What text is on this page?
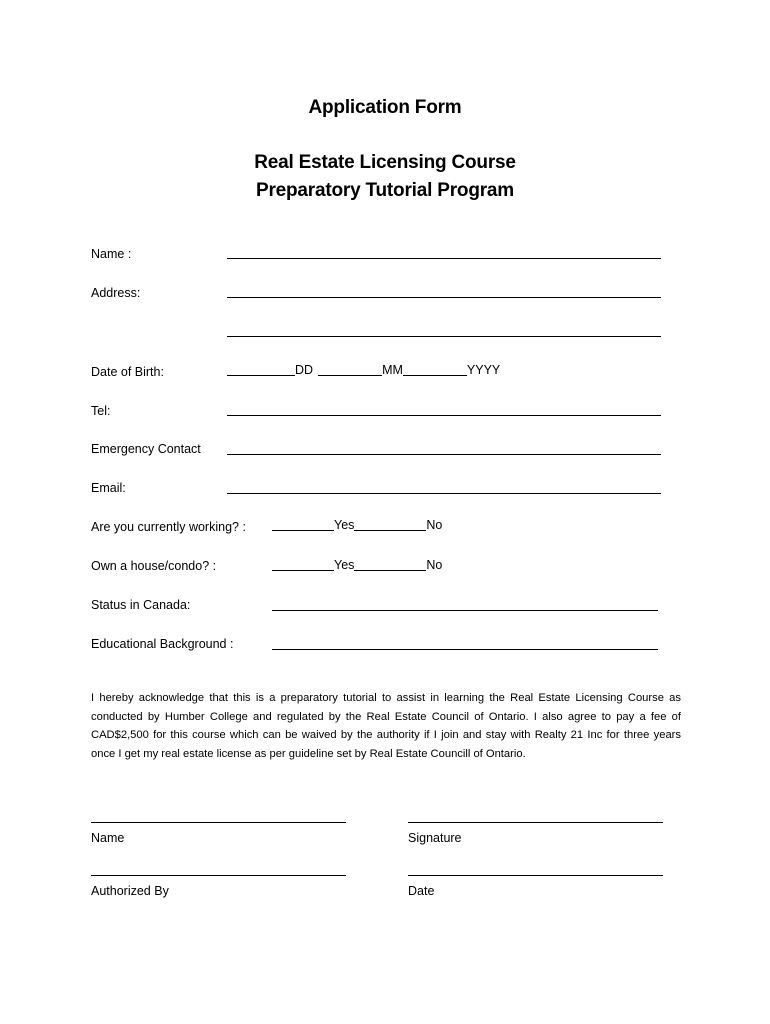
Application Form
Real Estate Licensing Course
Preparatory Tutorial Program
Name :
Address:
Date of Birth:	DD	MM	YYYY
Tel:
Emergency Contact
Email:
Are you currently working? :	Yes	No
Own a house/condo? :	Yes	No
Status in Canada:
Educational Background :
I hereby acknowledge that this is a preparatory tutorial to assist in learning the Real Estate Licensing Course as conducted by Humber College and regulated by the Real Estate Council of Ontario. I also agree to pay a fee of CAD$2,500 for this course which can be waived by the authority if I join and stay with Realty 21 Inc for three years once I get my real estate license as per guideline set by Real Estate Councill of Ontario.
Name	Signature
Authorized By	Date
